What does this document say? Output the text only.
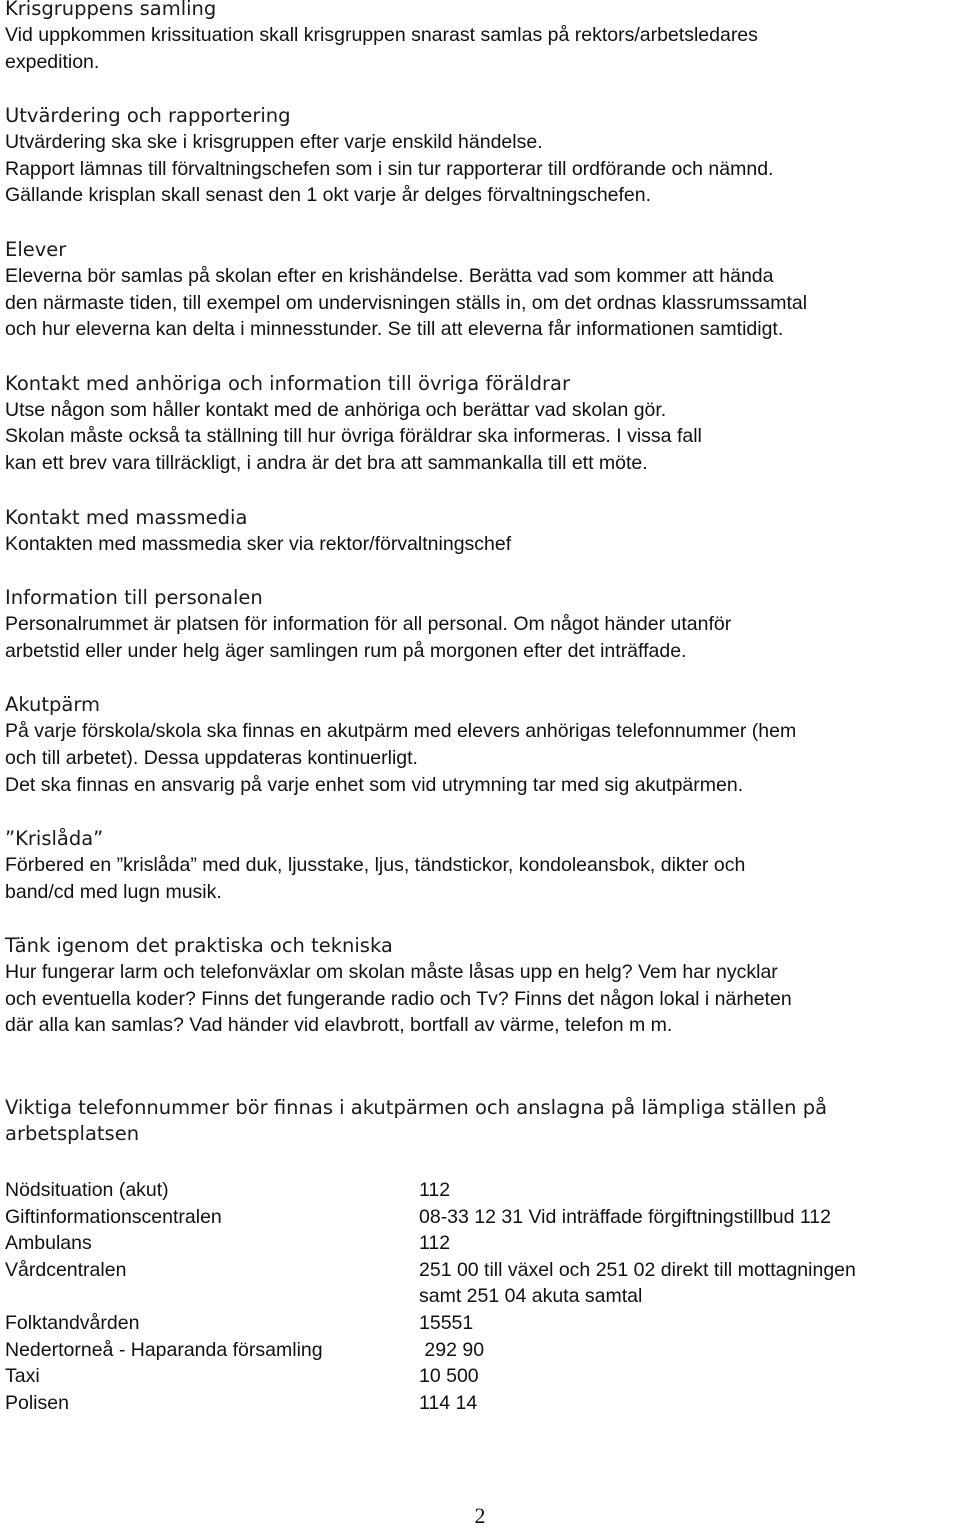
Krisgruppens samling
Vid uppkommen krissituation skall krisgruppen snarast samlas på rektors/arbetsledares
expedition.
Utvärdering och rapportering
Utvärdering ska ske i krisgruppen efter varje enskild händelse.
Rapport lämnas till förvaltningschefen som i sin tur rapporterar till ordförande och nämnd.
Gällande krisplan skall senast den 1 okt varje år delges förvaltningschefen.
Elever
Eleverna bör samlas på skolan efter en krishändelse. Berätta vad som kommer att hända
den närmaste tiden, till exempel om undervisningen ställs in, om det ordnas klassrumssamtal
och hur eleverna kan delta i minnesstunder. Se till att eleverna får informationen samtidigt.
Kontakt med anhöriga och information till övriga föräldrar
Utse någon som håller kontakt med de anhöriga och berättar vad skolan gör.
Skolan måste också ta ställning till hur övriga föräldrar ska informeras. I vissa fall
kan ett brev vara tillräckligt, i andra är det bra att sammankalla till ett möte.
Kontakt med massmedia
Kontakten med massmedia sker via rektor/förvaltningschef
Information till personalen
Personalrummet är platsen för information för all personal. Om något händer utanför
arbetstid eller under helg äger samlingen rum på morgonen efter det inträffade.
Akutpärm
På varje förskola/skola ska finnas en akutpärm med elevers anhörigas telefonnummer (hem
och till arbetet). Dessa uppdateras kontinuerligt.
Det ska finnas en ansvarig på varje enhet som vid utrymning tar med sig akutpärmen.
”Krislåda”
Förbered en ”krislåda” med duk, ljusstake, ljus, tändstickor, kondoleansbok, dikter och
band/cd med lugn musik.
Tänk igenom det praktiska och tekniska
Hur fungerar larm och telefonväxlar om skolan måste låsas upp en helg? Vem har nycklar
och eventuella koder? Finns det fungerande radio och Tv? Finns det någon lokal i närheten
där alla kan samlas? Vad händer vid elavbrott, bortfall av värme, telefon m m.
Viktiga telefonnummer bör finnas i akutpärmen och anslagna på lämpliga ställen på
arbetsplatsen
Nödsituation (akut)	112
Giftinformationscentralen	08-33 12 31 Vid inträffade förgiftningstillbud 112
Ambulans	112
Vårdcentralen	251 00 till växel och 251 02 direkt till mottagningen
samt 251 04 akuta samtal
Folktandvården	15551
Nedertorneå - Haparanda församling	292 90
Taxi	10 500
Polisen	114 14
2
